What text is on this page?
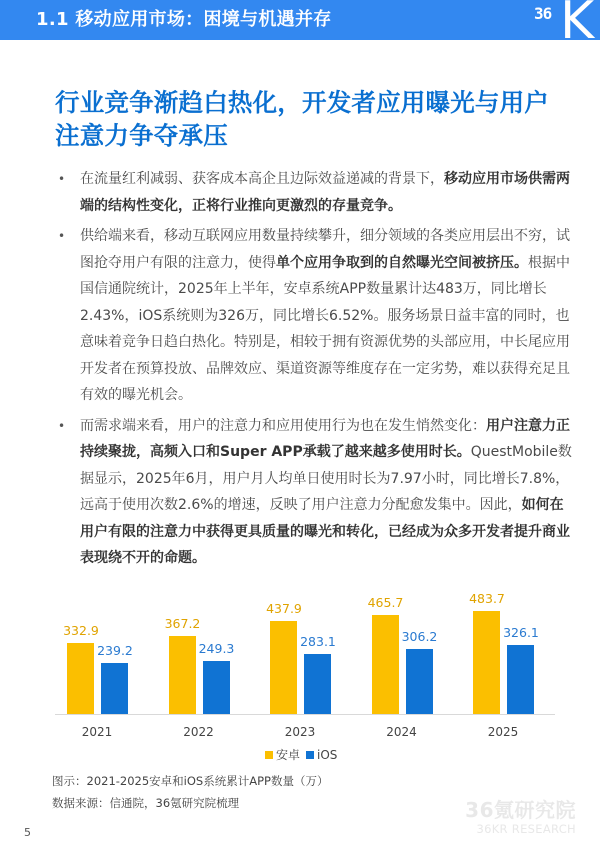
1.1 移动应用市场：困境与机遇并存	36 K
行业竞争渐趋白热化，开发者应用曝光与用户注意力争夺承压
• 在流量红利减弱、获客成本高企且边际效益递减的背景下，移动应用市场供需两端的结构性变化，正将行业推向更激烈的存量竞争。
• 供给端来看，移动互联网应用数量持续攀升，细分领域的各类应用层出不穷，试图抢夺用户有限的注意力，使得单个应用争取到的自然曝光空间被挤压。根据中国信通院统计，2025年上半年，安卓系统APP数量累计达483万，同比增长2.43%，iOS系统则为326万，同比增长6.52%。服务场景日益丰富的同时，也意味着竞争日趋白热化。特别是，相较于拥有资源优势的头部应用，中长尾应用开发者在预算投放、品牌效应、渠道资源等维度存在一定劣势，难以获得充足且有效的曝光机会。
• 而需求端来看，用户的注意力和应用使用行为也在发生悄然变化：用户注意力正持续聚拢，高频入口和Super APP承载了越来越多使用时长。QuestMobile数据显示，2025年6月，用户月人均单日使用时长为7.97小时，同比增长7.8%，远高于使用次数2.6%的增速，反映了用户注意力分配愈发集中。因此，如何在用户有限的注意力中获得更具质量的曝光和转化，已经成为众多开发者提升商业表现绕不开的命题。
332.9
239.2
2021
367.2
249.3
2022
437.9
283.1
2023
465.7
306.2
2024
483.7
326.1
2025
安卓 iOS
图示：2021-2025安卓和iOS系统累计APP数量（万）
数据来源：信通院，36氪研究院梳理	36氪研究院
36KR RESEARCH
5
